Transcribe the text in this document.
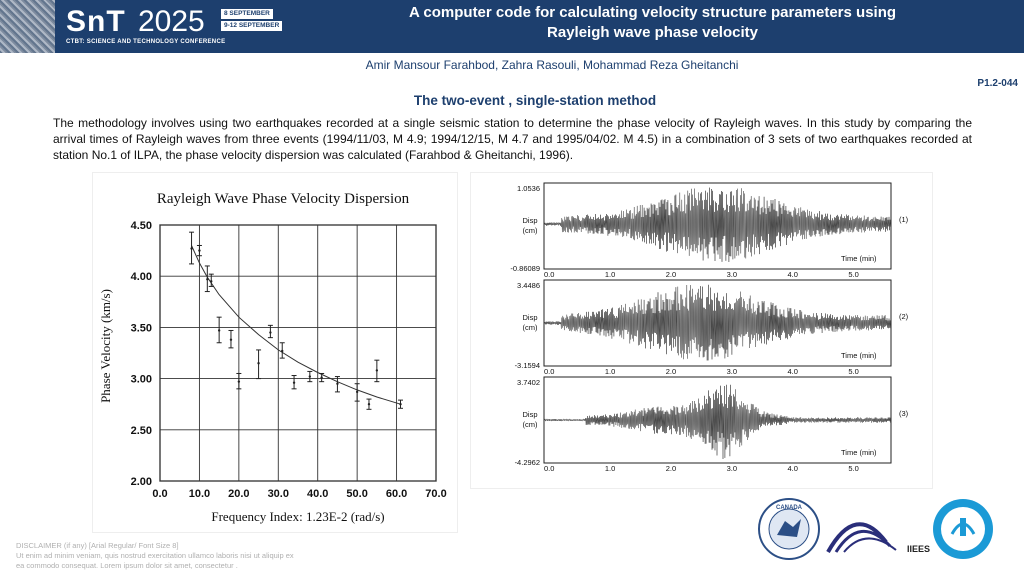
SnT 2025
CTBT: SCIENCE AND TECHNOLOGY CONFERENCE
8 SEPTEMBER
9-12 SEPTEMBER
A computer code for calculating velocity structure parameters using
Rayleigh wave phase velocity
Amir Mansour Farahbod, Zahra Rasouli, Mohammad Reza Gheitanchi
P1.2-044
The two-event , single-station method
The methodology involves using two earthquakes recorded at a single seismic station to determine the phase velocity of Rayleigh waves. In this study by comparing the arrival times of Rayleigh waves from three events (1994/11/03, M 4.9; 1994/12/15, M 4.7 and 1995/04/02. M 4.5) in a combination of 3 sets of two earthquakes recorded at station No.1 of ILPA, the phase velocity dispersion was calculated (Farahbod & Gheitanchi, 1996).
Rayleigh Wave Phase Velocity Dispersion
0.0 10.0 20.0 30.0 40.0 50.0 60.0 70.0
2.00
2.50
3.00
3.50
4.00
4.50
Phase Velocity (km/s)
Frequency Index: 1.23E-2 (rad/s)
1.0536
-0.86089
Disp
(cm)
Time (min)
(1)
0.0	1.0	2.0	3.0	4.0	5.0
3.4486
-3.1594
Disp
(cm)
Time (min)
(2)
0.0	1.0	2.0	3.0	4.0	5.0
3.7402
-4.2962
Disp
(cm)
Time (min)
(3)
0.0	1.0	2.0	3.0	4.0	5.0
DISCLAIMER (if any) [Arial Regular/ Font Size 8]
Ut enim ad minim veniam, quis nostrud exercitation ullamco laboris nisi ut aliquip ex
ea commodo consequat. Lorem ipsum dolor sit amet, consectetur .
CANADA
IIEES
